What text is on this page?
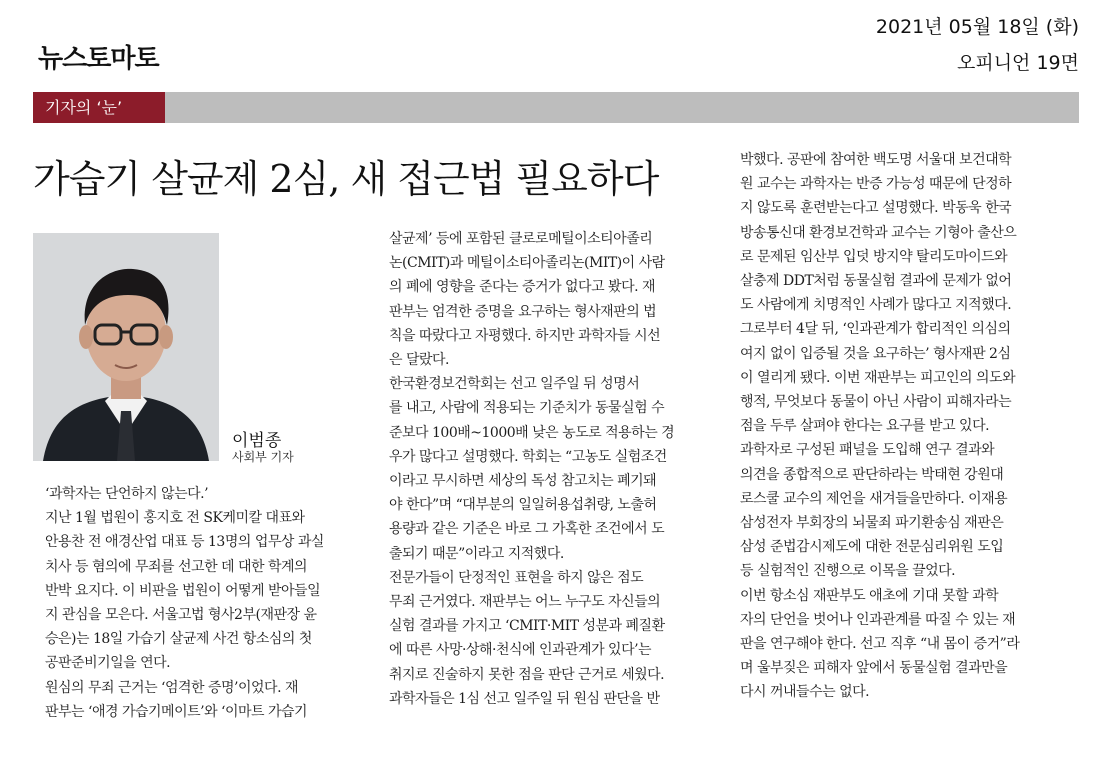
뉴스토마토
2021년 05월 18일 (화)
오피니언 19면
기자의 ‘눈’
가습기 살균제 2심, 새 접근법 필요하다
이범종
사회부 기자

‘과학자는 단언하지 않는다.’

지난 1월 법원이 홍지호 전 SK케미칼 대표와

안용찬 전 애경산업 대표 등 13명의 업무상 과실

치사 등 혐의에 무죄를 선고한 데 대한 학계의

반박 요지다. 이 비판을 법원이 어떻게 받아들일

지 관심을 모은다. 서울고법 형사2부(재판장 윤

승은)는 18일 가습기 살균제 사건 항소심의 첫

공판준비기일을 연다.

원심의 무죄 근거는 ‘엄격한 증명’이었다. 재

판부는 ‘애경 가습기메이트’와 ‘이마트 가습기

살균제’ 등에 포함된 클로로메틸이소티아졸리

논(CMIT)과 메틸이소티아졸리논(MIT)이 사람

의 폐에 영향을 준다는 증거가 없다고 봤다. 재

판부는 엄격한 증명을 요구하는 형사재판의 법

칙을 따랐다고 자평했다. 하지만 과학자들 시선

은 달랐다.

한국환경보건학회는 선고 일주일 뒤 성명서

를 내고, 사람에 적용되는 기준치가 동물실험 수

준보다 100배~1000배 낮은 농도로 적용하는 경

우가 많다고 설명했다. 학회는 “고농도 실험조건

이라고 무시하면 세상의 독성 참고치는 폐기돼

야 한다”며 “대부분의 일일허용섭취량, 노출허

용량과 같은 기준은 바로 그 가혹한 조건에서 도

출되기 때문”이라고 지적했다.

전문가들이 단정적인 표현을 하지 않은 점도

무죄 근거였다. 재판부는 어느 누구도 자신들의

실험 결과를 가지고 ‘CMIT·MIT 성분과 폐질환

에 따른 사망·상해·천식에 인과관계가 있다’는

취지로 진술하지 못한 점을 판단 근거로 세웠다.

과학자들은 1심 선고 일주일 뒤 원심 판단을 반

박했다. 공판에 참여한 백도명 서울대 보건대학

원 교수는 과학자는 반증 가능성 때문에 단정하

지 않도록 훈련받는다고 설명했다. 박동욱 한국

방송통신대 환경보건학과 교수는 기형아 출산으

로 문제된 임산부 입덧 방지약 탈리도마이드와

살충제 DDT처럼 동물실험 결과에 문제가 없어

도 사람에게 치명적인 사례가 많다고 지적했다.

그로부터 4달 뒤, ‘인과관계가 합리적인 의심의

여지 없이 입증될 것을 요구하는’ 형사재판 2심

이 열리게 됐다. 이번 재판부는 피고인의 의도와

행적, 무엇보다 동물이 아닌 사람이 피해자라는

점을 두루 살펴야 한다는 요구를 받고 있다.

과학자로 구성된 패널을 도입해 연구 결과와

의견을 종합적으로 판단하라는 박태현 강원대

로스쿨 교수의 제언을 새겨들을만하다. 이재용

삼성전자 부회장의 뇌물죄 파기환송심 재판은

삼성 준법감시제도에 대한 전문심리위원 도입

등 실험적인 진행으로 이목을 끌었다.

이번 항소심 재판부도 애초에 기대 못할 과학

자의 단언을 벗어나 인과관계를 따질 수 있는 재

판을 연구해야 한다. 선고 직후 “내 몸이 증거”라

며 울부짖은 피해자 앞에서 동물실험 결과만을

다시 꺼내들수는 없다.
